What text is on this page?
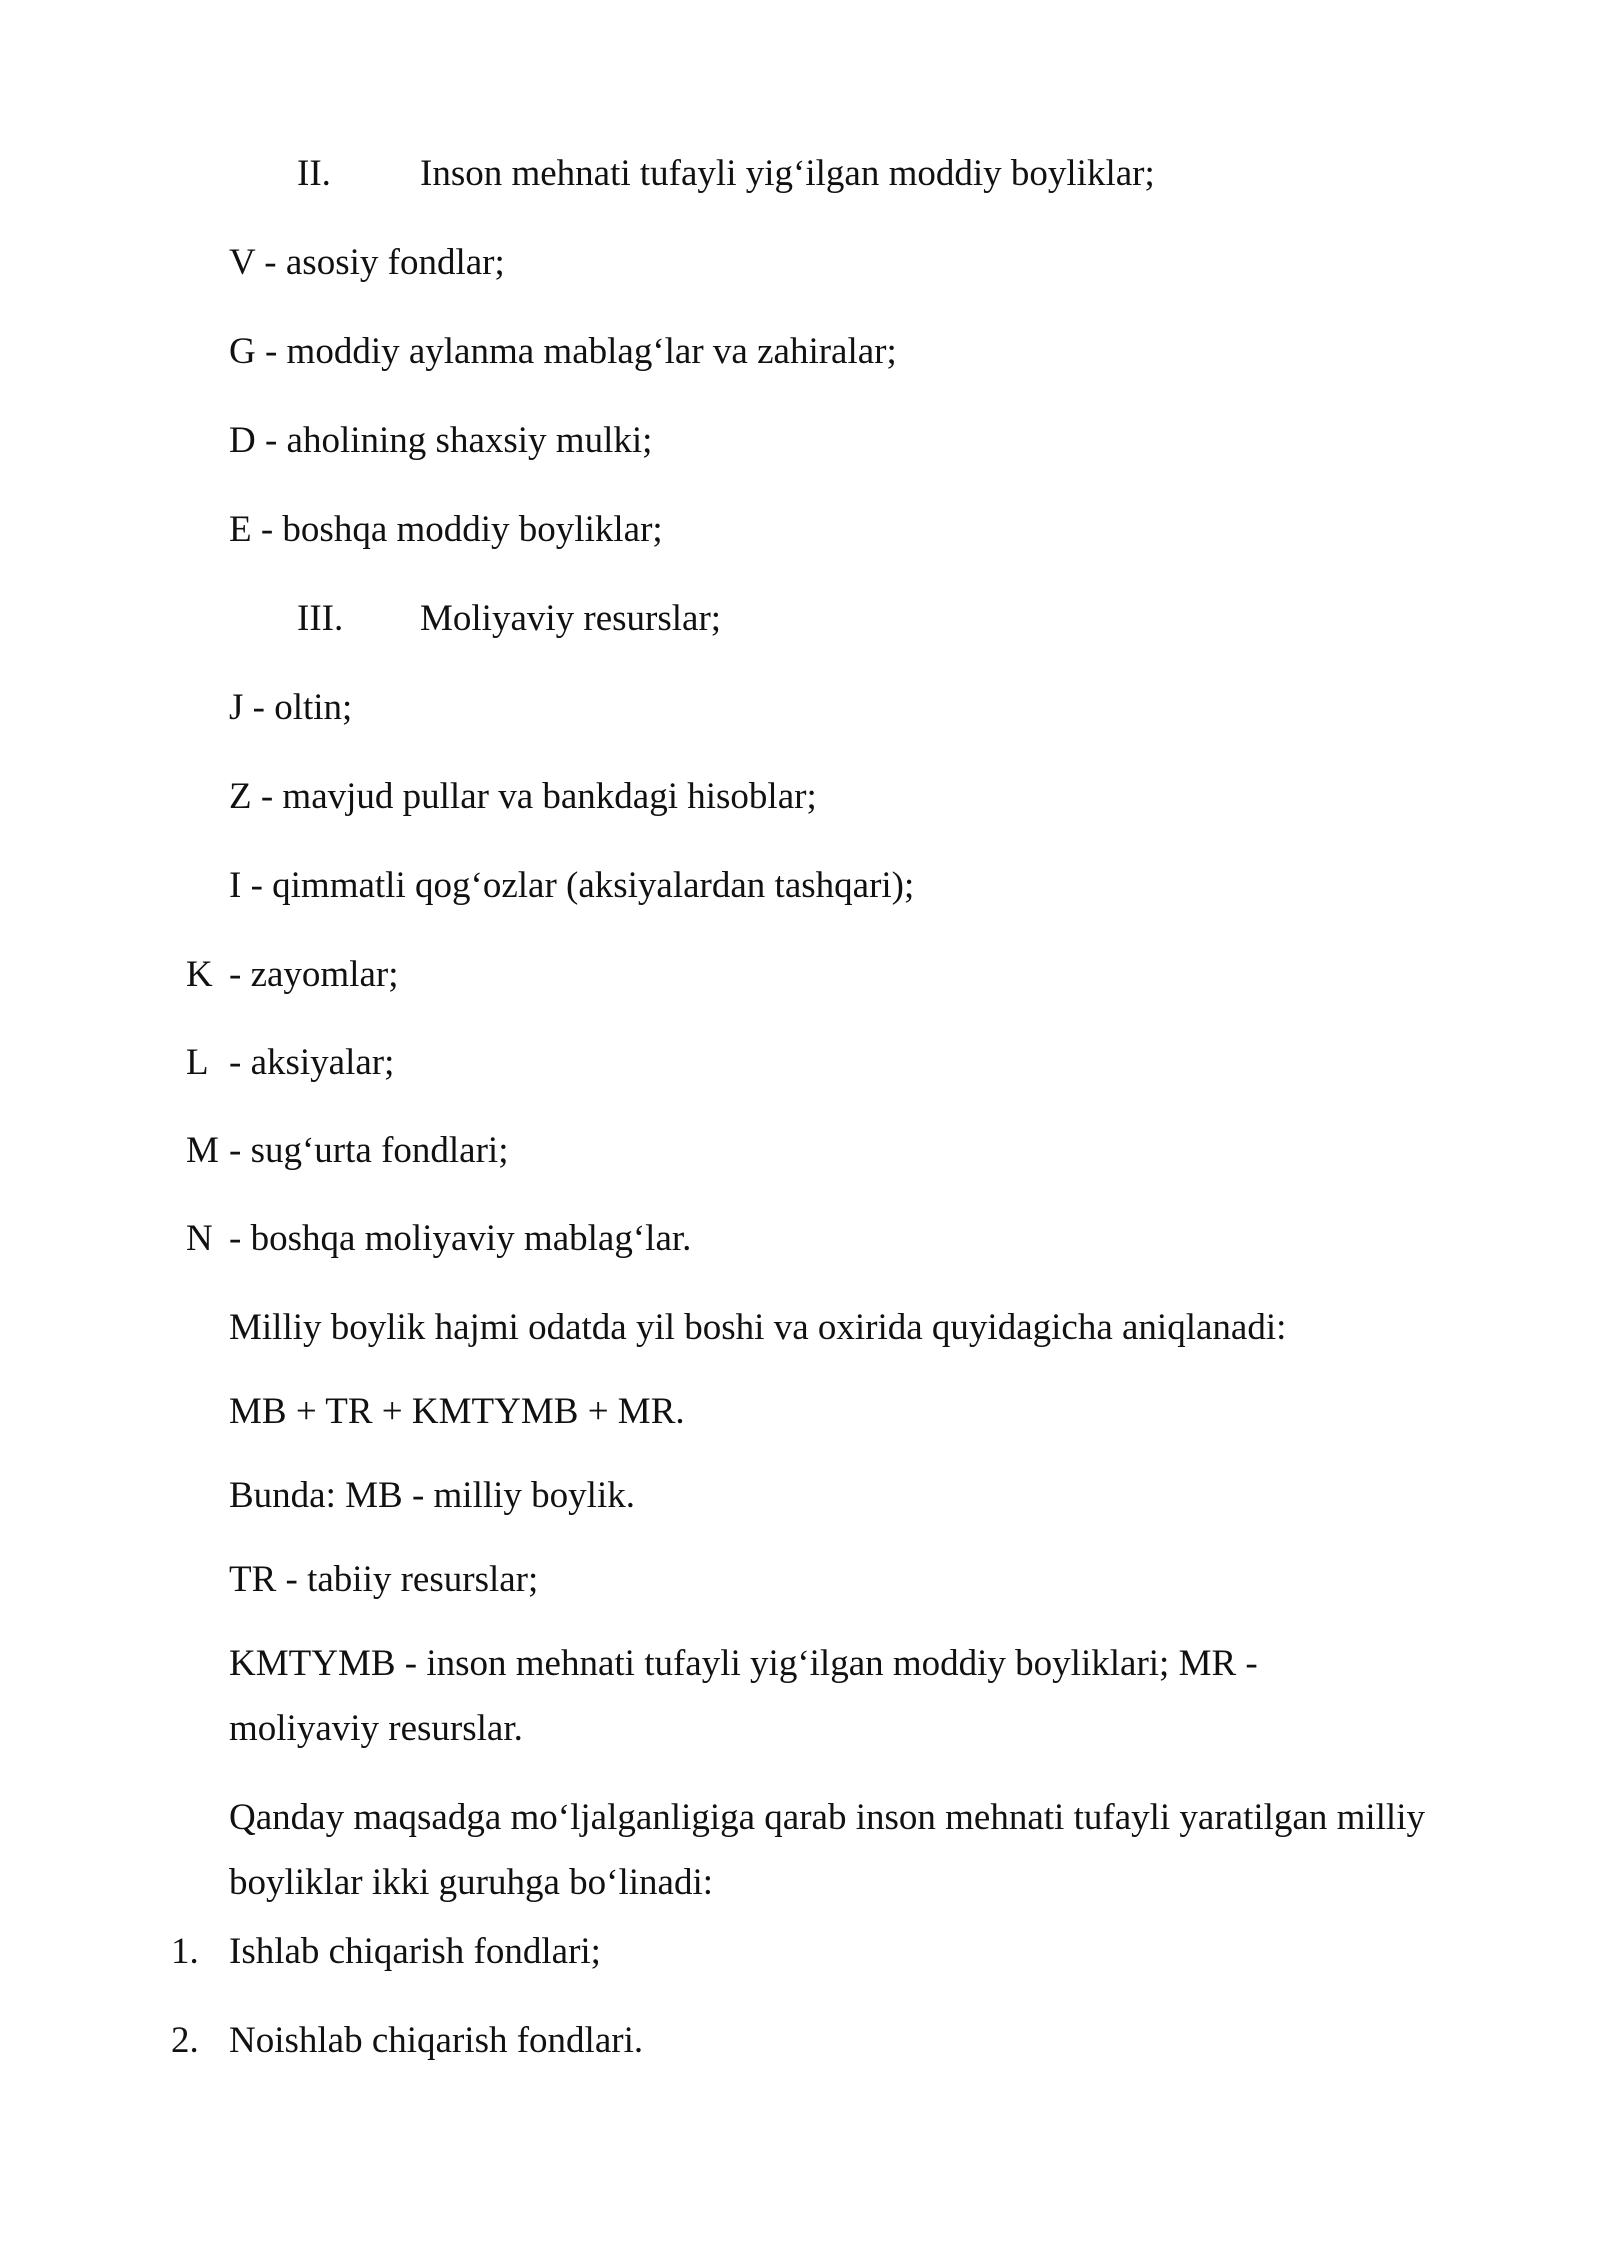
II. Inson mehnati tufayli yig‘ilgan moddiy boyliklar;
V - asosiy fondlar;
G - moddiy aylanma mablag‘lar va zahiralar;
D - aholining shaxsiy mulki;
E - boshqa moddiy boyliklar;
III. Moliyaviy resurslar;
J - oltin;
Z - mavjud pullar va bankdagi hisoblar;
I - qimmatli qog‘ozlar (aksiyalardan tashqari);
K - zayomlar;
L - aksiyalar;
M - sug‘urta fondlari;
N - boshqa moliyaviy mablag‘lar.
Milliy boylik hajmi odatda yil boshi va oxirida quyidagicha aniqlanadi:
MB + TR + KMTYMB + MR.
Bunda: MB - milliy boylik.
TR - tabiiy resurslar;
KMTYMB - inson mehnati tufayli yig‘ilgan moddiy boyliklari; MR -
moliyaviy resurslar.
Qanday maqsadga mo‘ljalganligiga qarab inson mehnati tufayli yaratilgan milliy
boyliklar ikki guruhga bo‘linadi:
1. Ishlab chiqarish fondlari;
2. Noishlab chiqarish fondlari.
